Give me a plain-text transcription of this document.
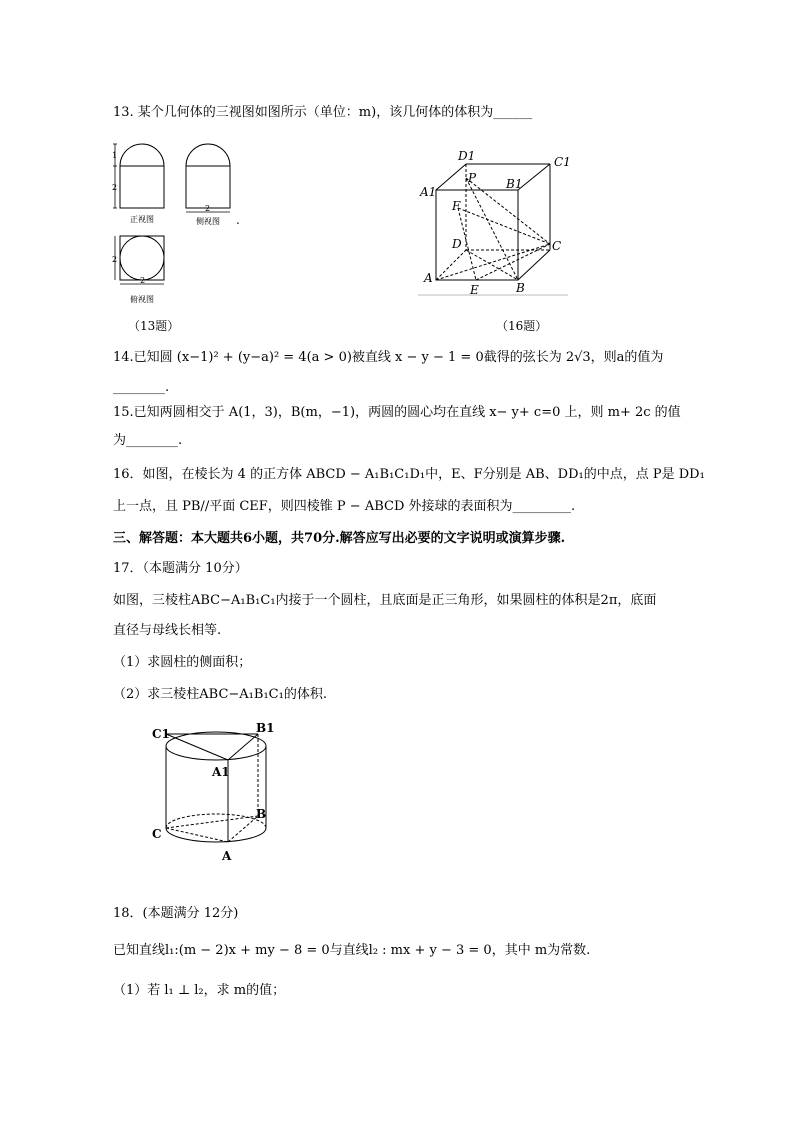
13. 某个几何体的三视图如图所示（单位：m)，该几何体的体积为______
1
2
2
2
2
正视图	侧视图
俯视图
.
（13题）
D1	C1
A1
P B1
F
D	C
A
E	B
（16题）
14.已知圆 (x−1)² + (y−a)² = 4(a > 0)被直线 x − y − 1 = 0截得的弦长为 2√3，则a的值为
________.
15.已知两圆相交于 A(1，3)，B(m，−1)，两圆的圆心均在直线 x− y+ c=0 上，则 m+ 2c 的值
为________.
16．如图，在棱长为 4 的正方体 ABCD − A₁B₁C₁D₁中，E、F分别是 AB、DD₁的中点，点 P是 DD₁
上一点，且 PB//平面 CEF，则四棱锥 P − ABCD 外接球的表面积为_________.
三、解答题：本大题共6小题，共70分.解答应写出必要的文字说明或演算步骤.
17．（本题满分 10分）
如图，三棱柱ABC−A₁B₁C₁内接于一个圆柱，且底面是正三角形，如果圆柱的体积是2π，底面
直径与母线长相等.
（1）求圆柱的侧面积；
（2）求三棱柱ABC−A₁B₁C₁的体积.
C1	B1
A1
B
C
A
18．(本题满分 12分)
已知直线l₁:(m − 2)x + my − 8 = 0与直线l₂ : mx + y − 3 = 0，其中 m为常数.
（1）若 l₁ ⊥ l₂，求 m的值；
